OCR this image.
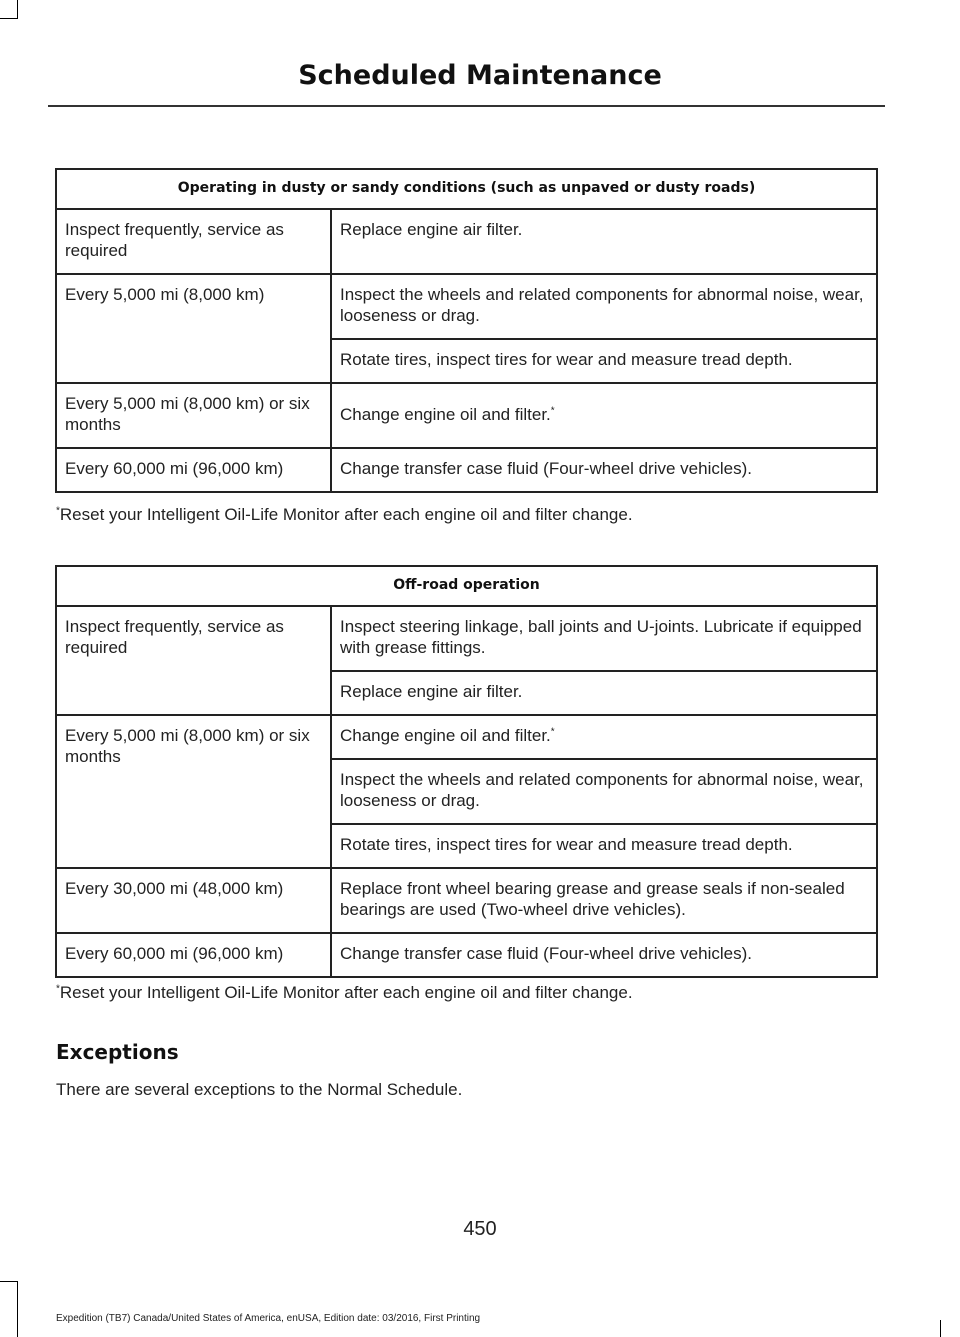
Scheduled Maintenance
Operating in dusty or sandy conditions (such as unpaved or dusty roads)	
Inspect frequently, service as required	Replace engine air filter.
Every 5,000 mi (8,000 km)	Inspect the wheels and related components for abnormal noise, wear, looseness or drag.
	Rotate tires, inspect tires for wear and measure tread depth.
Every 5,000 mi (8,000 km) or six months	Change engine oil and filter.*
Every 60,000 mi (96,000 km)	Change transfer case fluid (Four-wheel drive vehicles).
*Reset your Intelligent Oil-Life Monitor after each engine oil and filter change.
Off-road operation	
Inspect frequently, service as required	Inspect steering linkage, ball joints and U-joints. Lubricate if equipped with grease fittings.
	Replace engine air filter.
Every 5,000 mi (8,000 km) or six months	Change engine oil and filter.*
	Inspect the wheels and related components for abnormal noise, wear, looseness or drag.
	Rotate tires, inspect tires for wear and measure tread depth.
Every 30,000 mi (48,000 km)	Replace front wheel bearing grease and grease seals if non-sealed bearings are used (Two-wheel drive vehicles).
Every 60,000 mi (96,000 km)	Change transfer case fluid (Four-wheel drive vehicles).
*Reset your Intelligent Oil-Life Monitor after each engine oil and filter change.
Exceptions
There are several exceptions to the Normal Schedule.
450
Expedition (TB7) Canada/United States of America, enUSA, Edition date: 03/2016, First Printing
